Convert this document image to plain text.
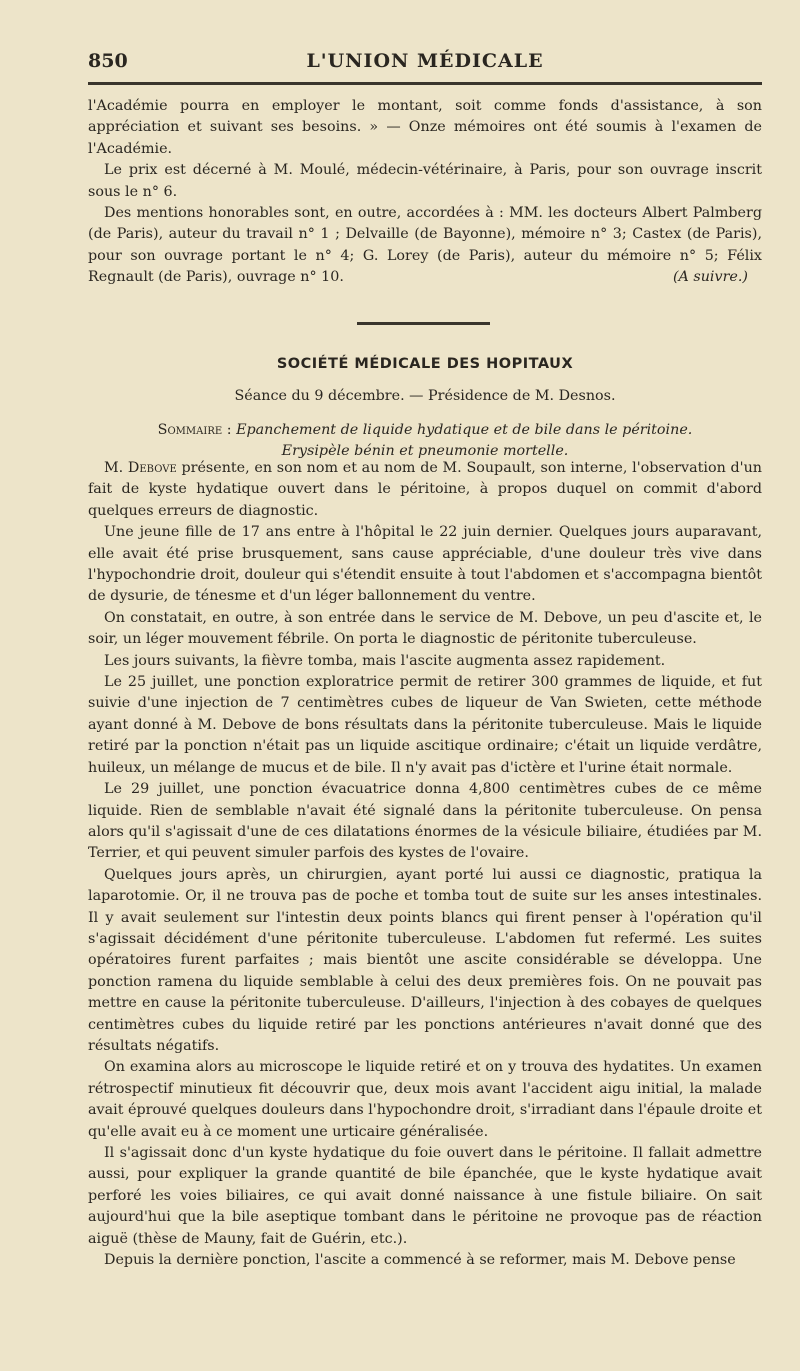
850	L'UNION MÉDICALE

l'Académie pourra en employer le montant, soit comme fonds d'assistance, à son appréciation et suivant ses besoins. » — Onze mémoires ont été soumis à l'examen de l'Académie.

Le prix est décerné à M. Moulé, médecin-vétérinaire, à Paris, pour son ouvrage inscrit sous le n° 6.

Des mentions honorables sont, en outre, accordées à : MM. les docteurs Albert Palmberg (de Paris), auteur du travail n° 1 ; Delvaille (de Bayonne), mémoire n° 3; Castex (de Paris), pour son ouvrage portant le n° 4; G. Lorey (de Paris), auteur du mémoire n° 5; Félix Regnault (de Paris), ouvrage n° 10.	(A suivre.)

SOCIÉTÉ MÉDICALE DES HOPITAUX
Séance du 9 décembre. — Présidence de M. Desnos.
Sommaire : Epanchement de liquide hydatique et de bile dans le péritoine.
Erysipèle bénin et pneumonie mortelle.

M. Debove présente, en son nom et au nom de M. Soupault, son interne, l'observation d'un fait de kyste hydatique ouvert dans le péritoine, à propos duquel on commit d'abord quelques erreurs de diagnostic.

Une jeune fille de 17 ans entre à l'hôpital le 22 juin dernier. Quelques jours auparavant, elle avait été prise brusquement, sans cause appréciable, d'une douleur très vive dans l'hypochondrie droit, douleur qui s'étendit ensuite à tout l'abdomen et s'accompagna bientôt de dysurie, de ténesme et d'un léger ballonnement du ventre.

On constatait, en outre, à son entrée dans le service de M. Debove, un peu d'ascite et, le soir, un léger mouvement fébrile. On porta le diagnostic de péritonite tuberculeuse.

Les jours suivants, la fièvre tomba, mais l'ascite augmenta assez rapidement.

Le 25 juillet, une ponction exploratrice permit de retirer 300 grammes de liquide, et fut suivie d'une injection de 7 centimètres cubes de liqueur de Van Swieten, cette méthode ayant donné à M. Debove de bons résultats dans la péritonite tuberculeuse. Mais le liquide retiré par la ponction n'était pas un liquide ascitique ordinaire; c'était un liquide verdâtre, huileux, un mélange de mucus et de bile. Il n'y avait pas d'ictère et l'urine était normale.

Le 29 juillet, une ponction évacuatrice donna 4,800 centimètres cubes de ce même liquide. Rien de semblable n'avait été signalé dans la péritonite tuberculeuse. On pensa alors qu'il s'agissait d'une de ces dilatations énormes de la vésicule biliaire, étudiées par M. Terrier, et qui peuvent simuler parfois des kystes de l'ovaire.

Quelques jours après, un chirurgien, ayant porté lui aussi ce diagnostic, pratiqua la laparotomie. Or, il ne trouva pas de poche et tomba tout de suite sur les anses intestinales. Il y avait seulement sur l'intestin deux points blancs qui firent penser à l'opération qu'il s'agissait décidément d'une péritonite tuberculeuse. L'abdomen fut refermé. Les suites opératoires furent parfaites ; mais bientôt une ascite considérable se développa. Une ponction ramena du liquide semblable à celui des deux premières fois. On ne pouvait pas mettre en cause la péritonite tuberculeuse. D'ailleurs, l'injection à des cobayes de quelques centimètres cubes du liquide retiré par les ponctions antérieures n'avait donné que des résultats négatifs.

On examina alors au microscope le liquide retiré et on y trouva des hydatites. Un examen rétrospectif minutieux fit découvrir que, deux mois avant l'accident aigu initial, la malade avait éprouvé quelques douleurs dans l'hypochondre droit, s'irradiant dans l'épaule droite et qu'elle avait eu à ce moment une urticaire généralisée.

Il s'agissait donc d'un kyste hydatique du foie ouvert dans le péritoine. Il fallait admettre aussi, pour expliquer la grande quantité de bile épanchée, que le kyste hydatique avait perforé les voies biliaires, ce qui avait donné naissance à une fistule biliaire. On sait aujourd'hui que la bile aseptique tombant dans le péritoine ne provoque pas de réaction aiguë (thèse de Mauny, fait de Guérin, etc.).

Depuis la dernière ponction, l'ascite a commencé à se reformer, mais M. Debove pense
